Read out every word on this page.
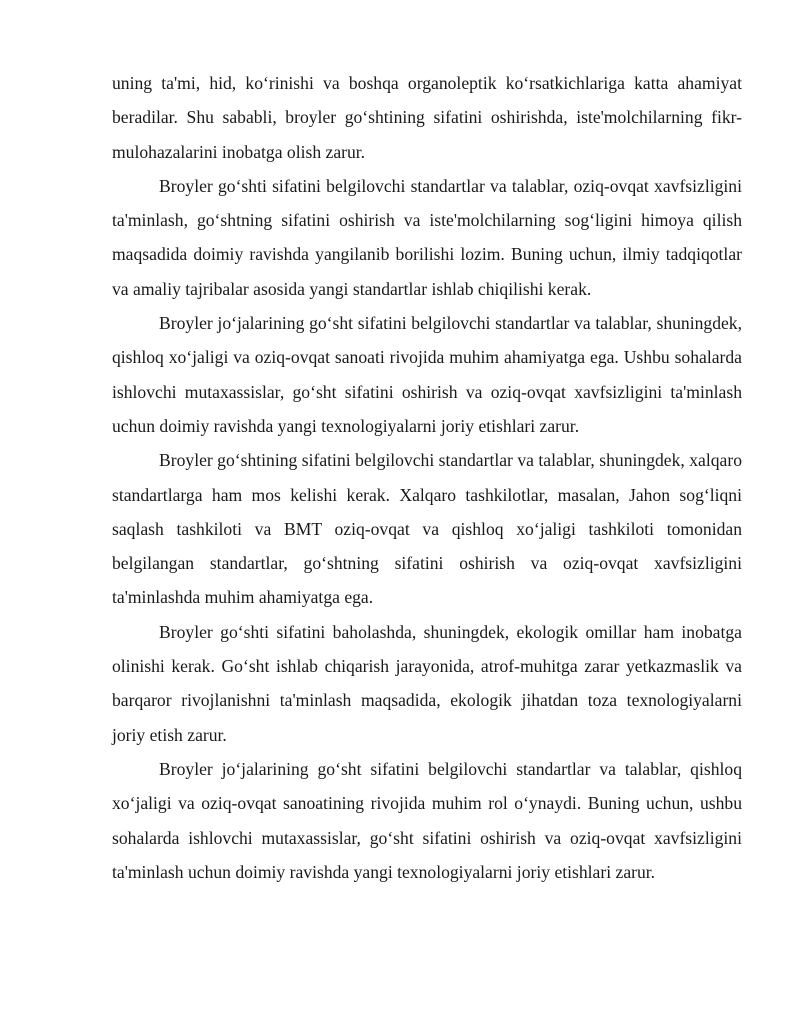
uning ta'mi, hid, ko‘rinishi va boshqa organoleptik ko‘rsatkichlariga katta ahamiyat beradilar. Shu sababli, broyler go‘shtining sifatini oshirishda, iste'molchilarning fikr-mulohazalarini inobatga olish zarur.

Broyler go‘shti sifatini belgilovchi standartlar va talablar, oziq-ovqat xavfsizligini ta'minlash, go‘shtning sifatini oshirish va iste'molchilarning sog‘ligini himoya qilish maqsadida doimiy ravishda yangilanib borilishi lozim. Buning uchun, ilmiy tadqiqotlar va amaliy tajribalar asosida yangi standartlar ishlab chiqilishi kerak.

Broyler jo‘jalarining go‘sht sifatini belgilovchi standartlar va talablar, shuningdek, qishloq xo‘jaligi va oziq-ovqat sanoati rivojida muhim ahamiyatga ega. Ushbu sohalarda ishlovchi mutaxassislar, go‘sht sifatini oshirish va oziq-ovqat xavfsizligini ta'minlash uchun doimiy ravishda yangi texnologiyalarni joriy etishlari zarur.

Broyler go‘shtining sifatini belgilovchi standartlar va talablar, shuningdek, xalqaro standartlarga ham mos kelishi kerak. Xalqaro tashkilotlar, masalan, Jahon sog‘liqni saqlash tashkiloti va BMT oziq-ovqat va qishloq xo‘jaligi tashkiloti tomonidan belgilangan standartlar, go‘shtning sifatini oshirish va oziq-ovqat xavfsizligini ta'minlashda muhim ahamiyatga ega.

Broyler go‘shti sifatini baholashda, shuningdek, ekologik omillar ham inobatga olinishi kerak. Go‘sht ishlab chiqarish jarayonida, atrof-muhitga zarar yetkazmaslik va barqaror rivojlanishni ta'minlash maqsadida, ekologik jihatdan toza texnologiyalarni joriy etish zarur.

Broyler jo‘jalarining go‘sht sifatini belgilovchi standartlar va talablar, qishloq xo‘jaligi va oziq-ovqat sanoatining rivojida muhim rol o‘ynaydi. Buning uchun, ushbu sohalarda ishlovchi mutaxassislar, go‘sht sifatini oshirish va oziq-ovqat xavfsizligini ta'minlash uchun doimiy ravishda yangi texnologiyalarni joriy etishlari zarur.
